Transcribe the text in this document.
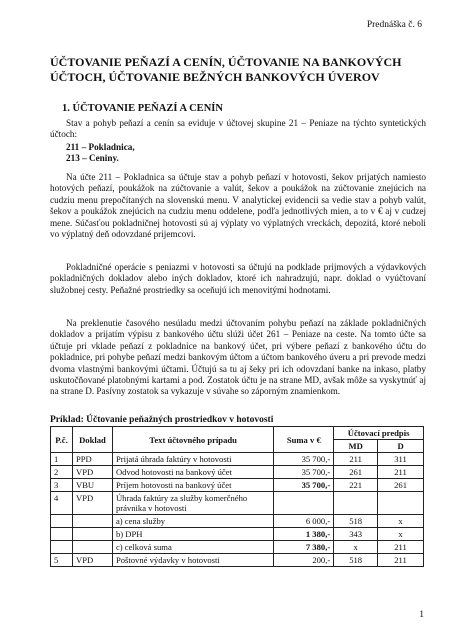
Prednáška č. 6
ÚČTOVANIE PEŇAZÍ A CENÍN, ÚČTOVANIE NA BANKOVÝCH ÚČTOCH, ÚČTOVANIE BEŽNÝCH BANKOVÝCH ÚVEROV
1. ÚČTOVANIE PEŇAZÍ A CENÍN
Stav a pohyb peňazí a cenín sa eviduje v účtovej skupine 21 – Peniaze na týchto syntetických účtoch:
211 – Pokladnica,
213 – Ceniny.
Na účte 211 – Pokladnica sa účtuje stav a pohyb peňazí v hotovosti, šekov prijatých namiesto hotových peňazí, poukážok na zúčtovanie a valút, šekov a poukážok na zúčtovanie znejúcich na cudziu menu prepočítaných na slovenskú menu. V analytickej evidencii sa vedie stav a pohyb valút, šekov a poukážok znejúcich na cudziu menu oddelene, podľa jednotlivých mien, a to v € aj v cudzej mene. Súčasťou pokladničnej hotovosti sú aj výplaty vo výplatných vreckách, depozitá, ktoré neboli vo výplatný deň odovzdané prijemcovi.
Pokladničné operácie s peniazmi v hotovosti sa účtujú na podklade prijmových a výdavkových pokladničných dokladov alebo iných dokladov, ktoré ich nahradzujú, napr. doklad o vyúčtovaní služobnej cesty. Peňažné prostriedky sa oceňujú ich menovitými hodnotami.
Na preklenutie časového nesúladu medzi účtovaním pohybu peňazí na základe pokladničných dokladov a prijatím výpisu z bankového účtu slúži účet 261 – Peniaze na ceste. Na tomto účte sa účtuje pri vklade peňazí z pokladnice na bankový účet, pri výbere peňazí z bankového účtu do pokladnice, pri pohybe peňazí medzi bankovým účtom a účtom bankového úveru a pri prevode medzi dvoma vlastnými bankovými účtami. Účtujú sa tu aj šeky pri ich odovzdaní banke na inkaso, platby uskutočňované platobnými kartami a pod. Zostatok účtu je na strane MD, avšak môže sa vyskytnúť aj na strane D. Pasívny zostatok sa vykazuje v súvahe so záporným znamienkom.
Príklad: Účtovanie peňažných prostriedkov v hotovosti
P.č.	Doklad	Text účtovného prípadu	Suma v €	Účtovací predpis	
				MD	D
1	PPD	Prijatá úhrada faktúry v hotovosti	35 700,-	211	311
2	VPD	Odvod hotovosti na bankový účet	35 700,-	261	211
3	VBU	Príjem hotovosti na bankový účet	35 700,-	221	261
4	VPD	Úhrada faktúry za služby komerčného právnika v hotovosti			
		a) cena služby	6 000,-	518	x
		b) DPH	1 380,-	343	x
		c) celková suma	7 380,-	x	211
5	VPD	Poštovné výdavky v hotovosti	200,-	518	211
1
